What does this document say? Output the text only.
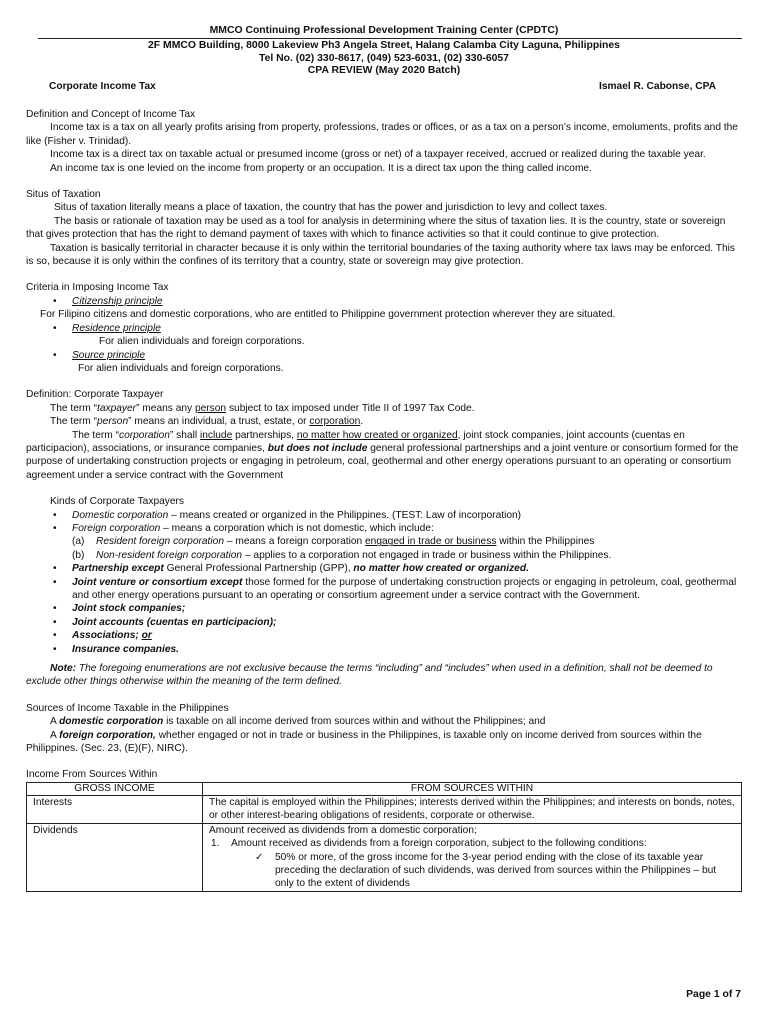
MMCO Continuing Professional Development Training Center (CPDTC)
2F MMCO Building, 8000 Lakeview Ph3 Angela Street, Halang Calamba City Laguna, Philippines
Tel No. (02) 330-8617, (049) 523-6031, (02) 330-6057
CPA REVIEW (May 2020 Batch)
Corporate Income Tax	Ismael R. Cabonse, CPA

Definition and Concept of Income Tax

Income tax is a tax on all yearly profits arising from property, professions, trades or offices, or as a tax on a person’s income, emoluments, profits and the like (Fisher v. Trinidad).

Income tax is a direct tax on taxable actual or presumed income (gross or net) of a taxpayer received, accrued or realized during the taxable year.

An income tax is one levied on the income from property or an occupation. It is a direct tax upon the thing called income.

Situs of Taxation

Situs of taxation literally means a place of taxation, the country that has the power and jurisdiction to levy and collect taxes.

The basis or rationale of taxation may be used as a tool for analysis in determining where the situs of taxation lies. It is the country, state or sovereign that gives protection that has the right to demand payment of taxes with which to finance activities so that it could continue to give protection.

Taxation is basically territorial in character because it is only within the territorial boundaries of the taxing authority where tax laws may be enforced. This is so, because it is only within the confines of its territory that a country, state or sovereign may give protection.

Criteria in Imposing Income Tax

• Citizenship principle

For Filipino citizens and domestic corporations, who are entitled to Philippine government protection wherever they are situated.

• Residence principle

For alien individuals and foreign corporations.

• Source principle

For alien individuals and foreign corporations.

Definition: Corporate Taxpayer

The term “taxpayer” means any person subject to tax imposed under Title II of 1997 Tax Code.

The term “person” means an individual, a trust, estate, or corporation.

The term “corporation” shall include partnerships, no matter how created or organized, joint stock companies, joint accounts (cuentas en participacion), associations, or insurance companies, but does not include general professional partnerships and a joint venture or consortium formed for the purpose of undertaking construction projects or engaging in petroleum, coal, geothermal and other energy operations pursuant to an operating or consortium agreement under a service contract with the Government

Kinds of Corporate Taxpayers

• Domestic corporation – means created or organized in the Philippines. (TEST: Law of incorporation)
• Foreign corporation – means a corporation which is not domestic, which include:
(a) Resident foreign corporation – means a foreign corporation engaged in trade or business within the Philippines
(b) Non-resident foreign corporation – applies to a corporation not engaged in trade or business within the Philippines.
• Partnership except General Professional Partnership (GPP), no matter how created or organized.
• Joint venture or consortium except those formed for the purpose of undertaking construction projects or engaging in petroleum, coal, geothermal and other energy operations pursuant to an operating or consortium agreement under a service contract with the Government.
• Joint stock companies;
• Joint accounts (cuentas en participacion);
• Associations; or
• Insurance companies.

Note: The foregoing enumerations are not exclusive because the terms “including” and “includes” when used in a definition, shall not be deemed to exclude other things otherwise within the meaning of the term defined.

Sources of Income Taxable in the Philippines

A domestic corporation is taxable on all income derived from sources within and without the Philippines; and

A foreign corporation, whether engaged or not in trade or business in the Philippines, is taxable only on income derived from sources within the Philippines. (Sec. 23, (E)(F), NIRC).

Income From Sources Within

GROSS INCOME	FROM SOURCES WITHIN
Interests	The capital is employed within the Philippines; interests derived within the Philippines; and interests on bonds, notes, or other interest-bearing obligations of residents, corporate or otherwise.
Dividends	Amount received as dividends from a domestic corporation;
1. Amount received as dividends from a foreign corporation, subject to the following conditions:
✓ 50% or more, of the gross income for the 3-year period ending with the close of its taxable year preceding the declaration of such dividends, was derived from sources within the Philippines – but only to the extent of dividends
Page 1 of 7
